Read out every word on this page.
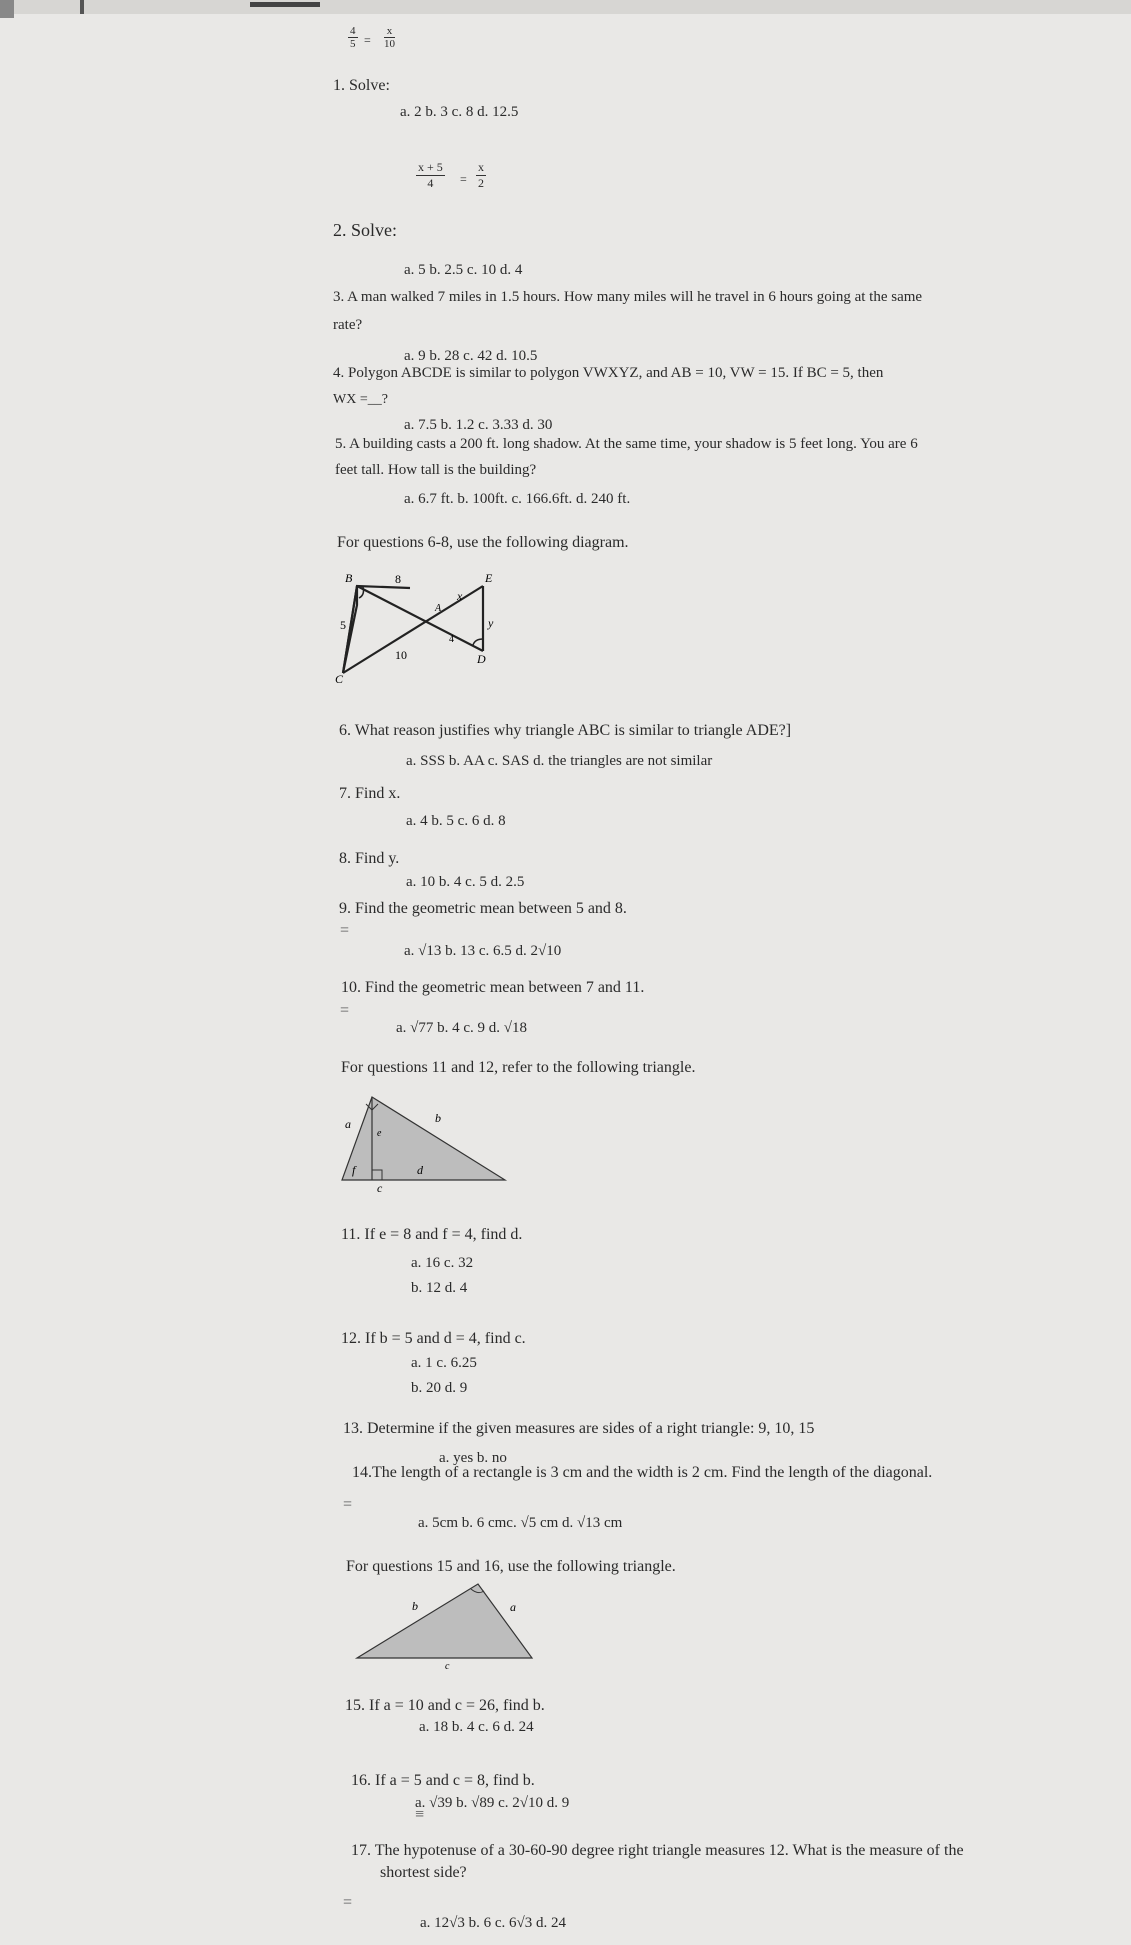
$\frac{4}{5} = \frac{x}{10}$
1. Solve:
a. 2 b. 3 c. 8 d. 12.5
$\frac{x + 5}{4} = \frac{x}{2}$
2. Solve:
a. 5 b. 2.5 c. 10 d. 4
3. A man walked 7 miles in 1.5 hours. How many miles will he travel in 6 hours going at the same
rate?
a. 9 b. 28 c. 42 d. 10.5
4. Polygon ABCDE is similar to polygon VWXYZ, and AB = 10, VW = 15. If BC = 5, then
WX =__?
a. 7.5 b. 1.2 c. 3.33 d. 30
5. A building casts a 200 ft. long shadow. At the same time, your shadow is 5 feet long. You are 6
feet tall. How tall is the building?
a. 6.7 ft. b. 100ft. c. 166.6ft. d. 240 ft.
For questions 6-8, use the following diagram.
B	E
C
D
A
8
x
5	y
4
10
6. What reason justifies why triangle ABC is similar to triangle ADE?]
a. SSS b. AA c. SAS d. the triangles are not similar
7. Find x.
a. 4 b. 5 c. 6 d. 8
8. Find y.
a. 10 b. 4 c. 5 d. 2.5
9. Find the geometric mean between 5 and 8.
=
a. √13 b. 13 c. 6.5 d. 2√10
10. Find the geometric mean between 7 and 11.
=
a. √77 b. 4 c. 9 d. √18
For questions 11 and 12, refer to the following triangle.
a	b
e
f	d
c
11. If e = 8 and f = 4, find d.
a. 16 c. 32
b. 12 d. 4
12. If b = 5 and d = 4, find c.
a. 1 c. 6.25
b. 20 d. 9
13. Determine if the given measures are sides of a right triangle: 9, 10, 15
a. yes b. no
14.The length of a rectangle is 3 cm and the width is 2 cm. Find the length of the diagonal.
=
a. 5cm b. 6 cmc. √5 cm d. √13 cm
For questions 15 and 16, use the following triangle.
b	a
c
15. If a = 10 and c = 26, find b.
a. 18 b. 4 c. 6 d. 24
16. If a = 5 and c = 8, find b.
≡
a. √39 b. √89 c. 2√10 d. 9
17. The hypotenuse of a 30-60-90 degree right triangle measures 12. What is the measure of the
shortest side?
=
a. 12√3 b. 6 c. 6√3 d. 24
